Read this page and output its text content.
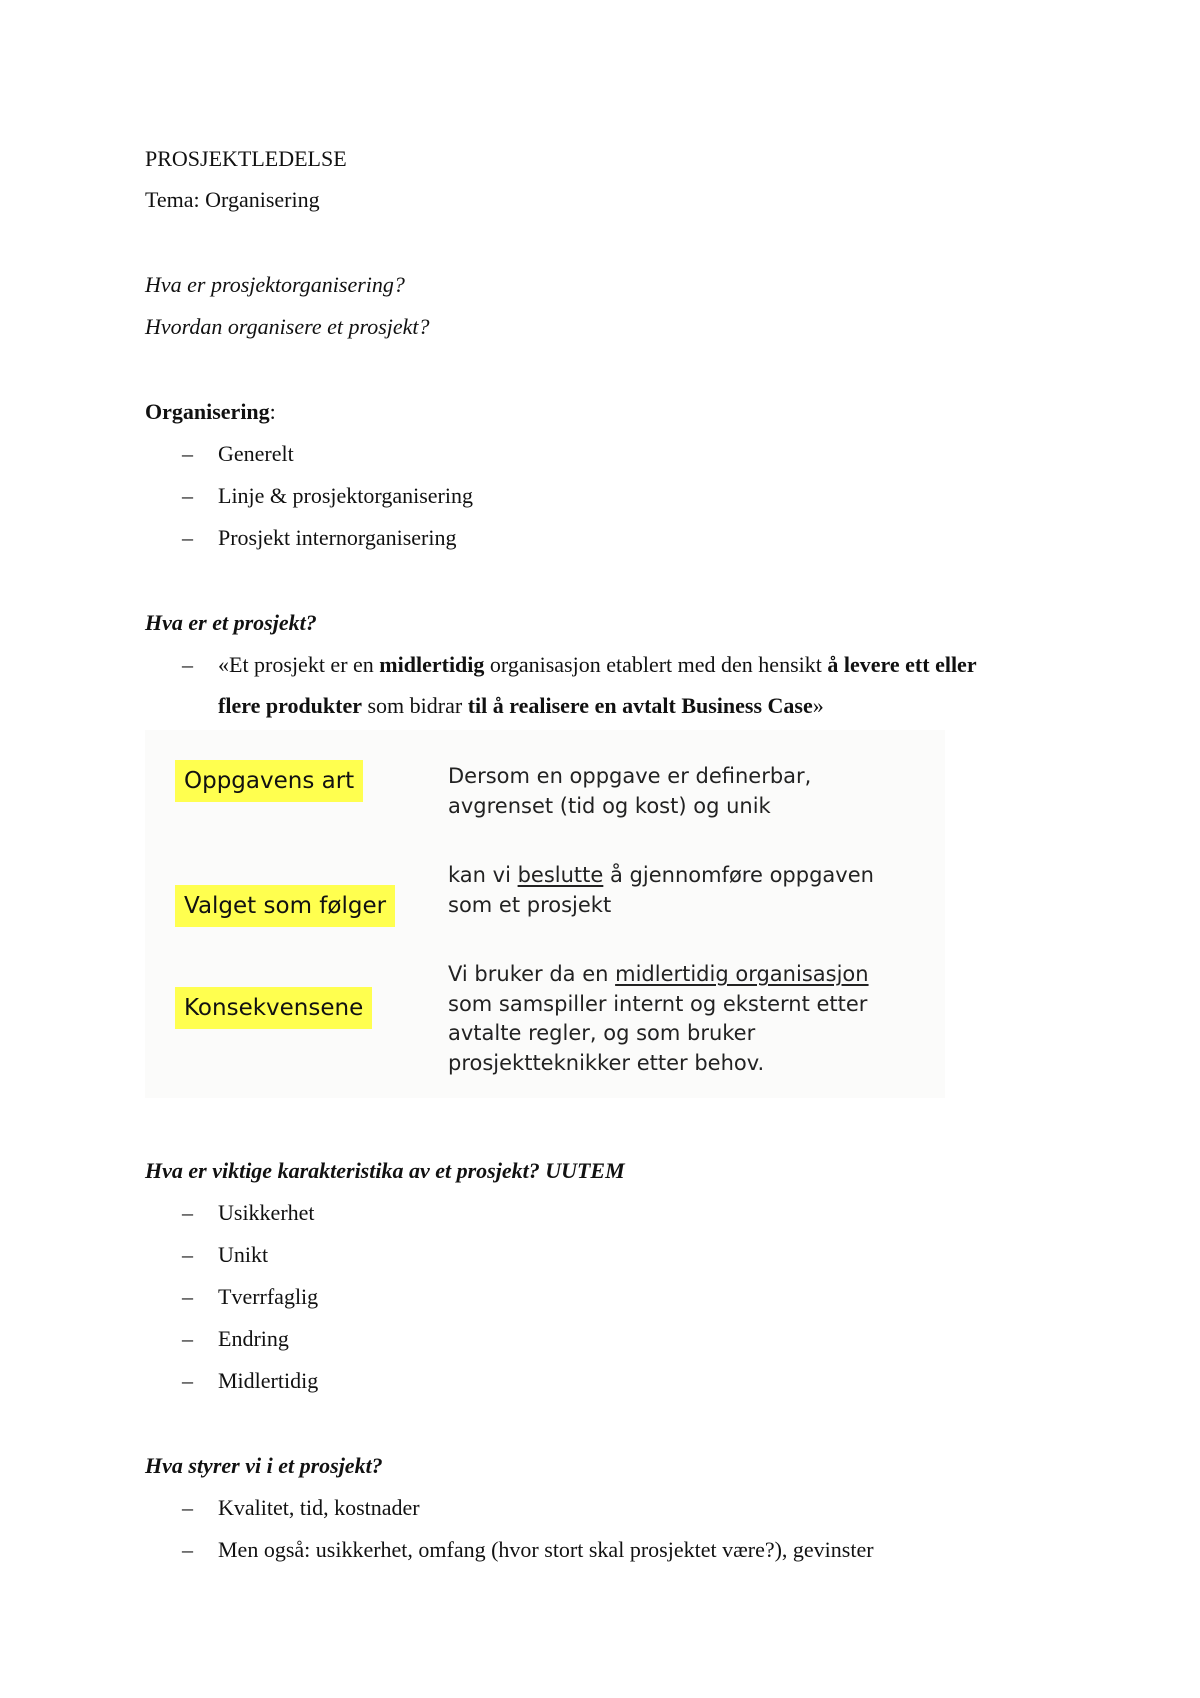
PROSJEKTLEDELSE
Tema: Organisering
Hva er prosjektorganisering?
Hvordan organisere et prosjekt?
Organisering:
– Generelt
– Linje & prosjektorganisering
– Prosjekt internorganisering
Hva er et prosjekt?
– «Et prosjekt er en midlertidig organisasjon etablert med den hensikt å levere ett eller
flere produkter som bidrar til å realisere en avtalt Business Case»
Oppgavens art	Dersom en oppgave er definerbar,
avgrenset (tid og kost) og unik
Valget som følger
kan vi beslutte å gjennomføre oppgaven
som et prosjekt
Konsekvensene
Vi bruker da en midlertidig organisasjon
som samspiller internt og eksternt etter
avtalte regler, og som bruker
prosjektteknikker etter behov.
Hva er viktige karakteristika av et prosjekt? UUTEM
– Usikkerhet
– Unikt
– Tverrfaglig
– Endring
– Midlertidig
Hva styrer vi i et prosjekt?
– Kvalitet, tid, kostnader
– Men også: usikkerhet, omfang (hvor stort skal prosjektet være?), gevinster
